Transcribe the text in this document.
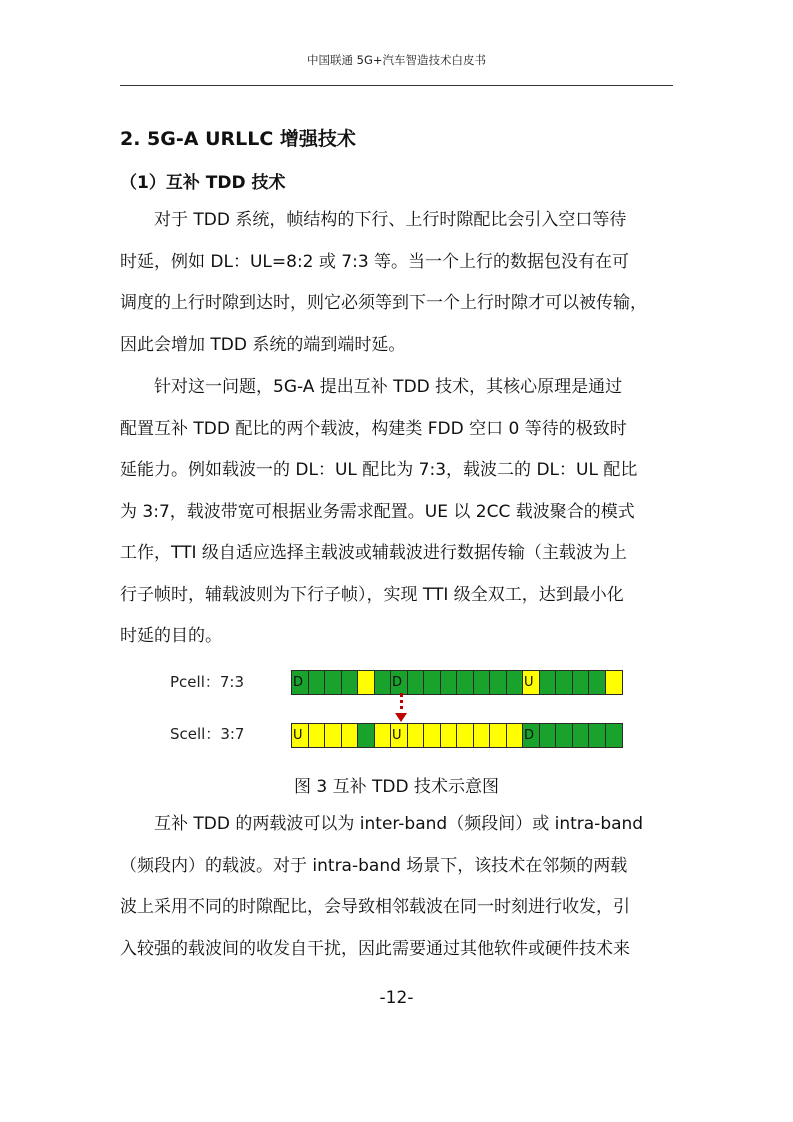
中国联通 5G+汽车智造技术白皮书
2. 5G-A URLLC 增强技术
（1）互补 TDD 技术

对于 TDD 系统，帧结构的下行、上行时隙配比会引入空口等待
时延，例如 DL：UL=8:2 或 7:3 等。当一个上行的数据包没有在可
调度的上行时隙到达时，则它必须等到下一个上行时隙才可以被传输，
因此会增加 TDD 系统的端到端时延。

针对这一问题，5G-A 提出互补 TDD 技术，其核心原理是通过
配置互补 TDD 配比的两个载波，构建类 FDD 空口 0 等待的极致时
延能力。例如载波一的 DL：UL 配比为 7:3，载波二的 DL：UL 配比
为 3:7，载波带宽可根据业务需求配置。UE 以 2CC 载波聚合的模式
工作，TTI 级自适应选择主载波或辅载波进行数据传输（主载波为上
行子帧时，辅载波则为下行子帧），实现 TTI 级全双工，达到最小化
时延的目的。

Pcell：7:3
Scell：3:7
D	D	U
U	U	D
图 3 互补 TDD 技术示意图

互补 TDD 的两载波可以为 inter-band（频段间）或 intra-band
（频段内）的载波。对于 intra-band 场景下，该技术在邻频的两载
波上采用不同的时隙配比，会导致相邻载波在同一时刻进行收发，引
入较强的载波间的收发自干扰，因此需要通过其他软件或硬件技术来

-12-
